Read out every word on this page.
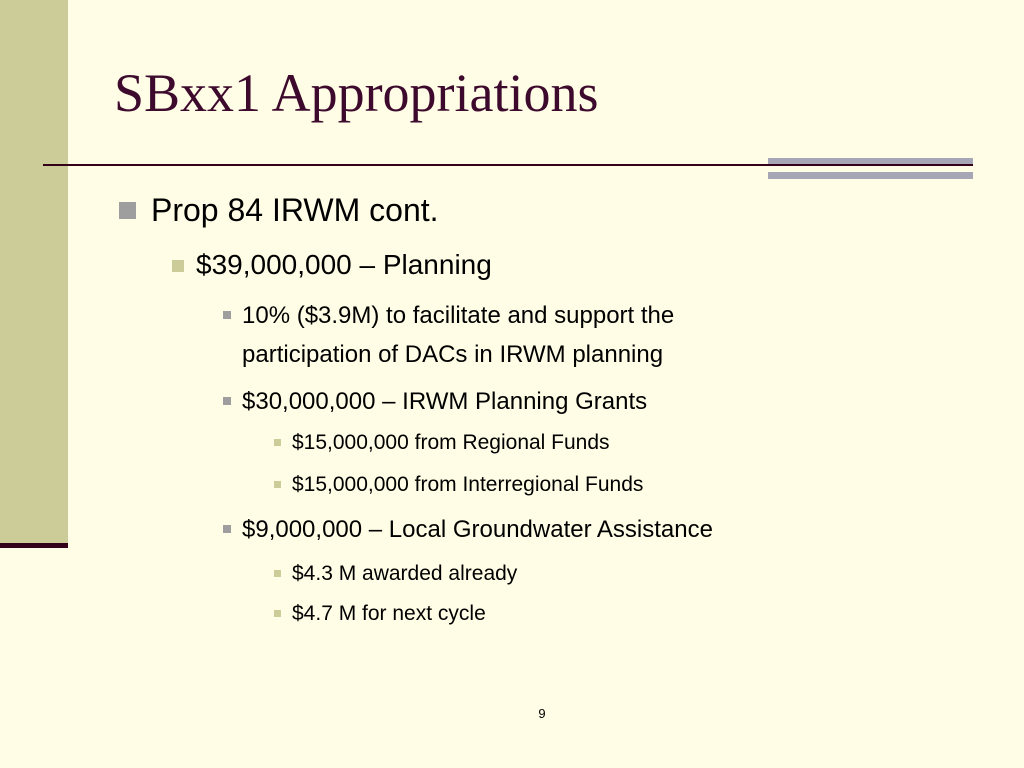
SBxx1 Appropriations
Prop 84 IRWM cont.
$39,000,000 – Planning
10% ($3.9M) to facilitate and support the
participation of DACs in IRWM planning
$30,000,000 – IRWM Planning Grants
$15,000,000 from Regional Funds
$15,000,000 from Interregional Funds
$9,000,000 – Local Groundwater Assistance
$4.3 M awarded already
$4.7 M for next cycle
9
